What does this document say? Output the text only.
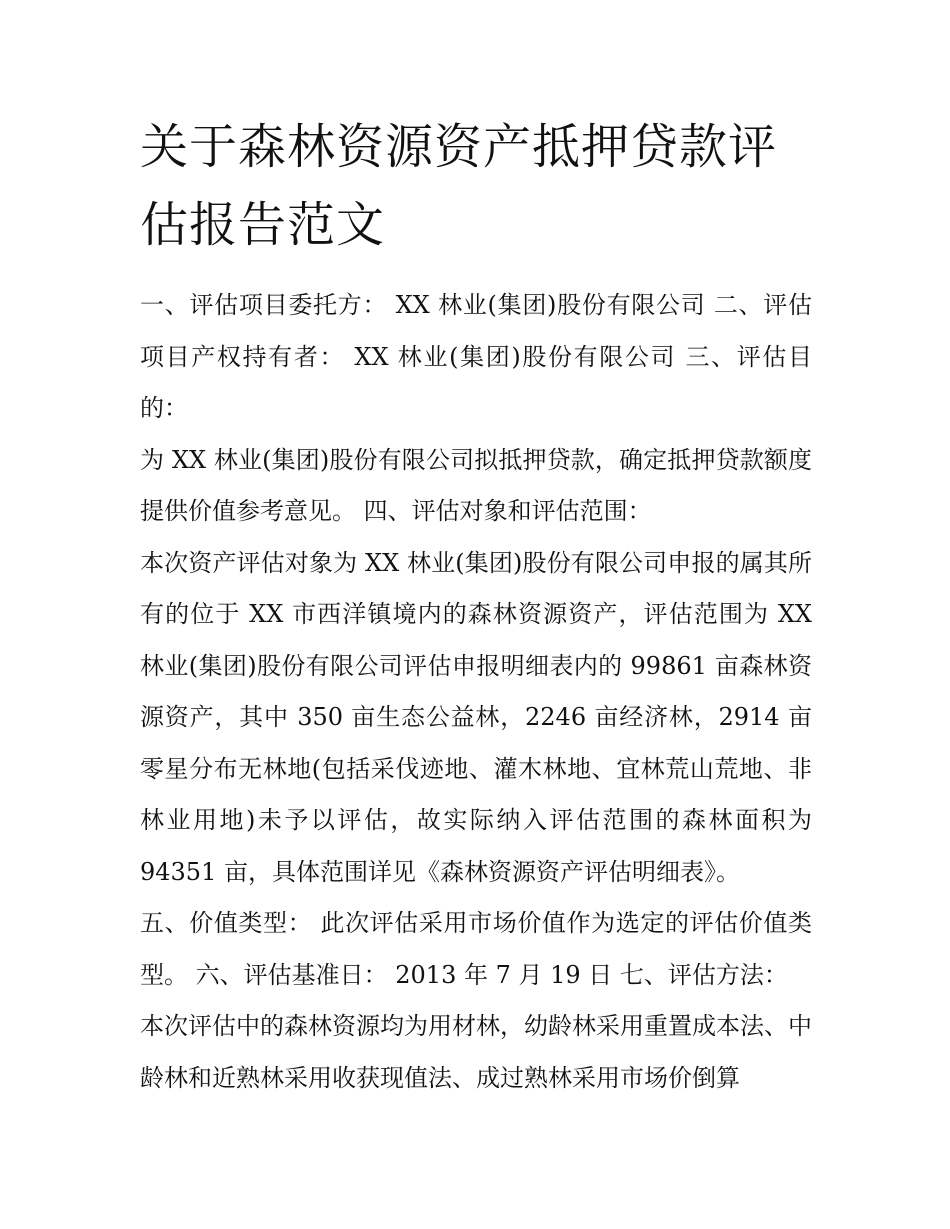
关于森林资源资产抵押贷款评估报告范文

一、评估项目委托方： XX 林业(集团)股份有限公司 二、评估项目产权持有者： XX 林业(集团)股份有限公司 三、评估目的：

为 XX 林业(集团)股份有限公司拟抵押贷款，确定抵押贷款额度提供价值参考意见。 四、评估对象和评估范围：

本次资产评估对象为 XX 林业(集团)股份有限公司申报的属其所有的位于 XX 市西洋镇境内的森林资源资产，评估范围为 XX 林业(集团)股份有限公司评估申报明细表内的 99861 亩森林资源资产，其中 350 亩生态公益林，2246 亩经济林，2914 亩零星分布无林地(包括采伐迹地、灌木林地、宜林荒山荒地、非林业用地)未予以评估，故实际纳入评估范围的森林面积为 94351 亩，具体范围详见《森林资源资产评估明细表》。

五、价值类型： 此次评估采用市场价值作为选定的评估价值类型。 六、评估基准日： 2013 年 7 月 19 日 七、评估方法：

本次评估中的森林资源均为用材林，幼龄林采用重置成本法、中龄林和近熟林采用收获现值法、成过熟林采用市场价倒算
